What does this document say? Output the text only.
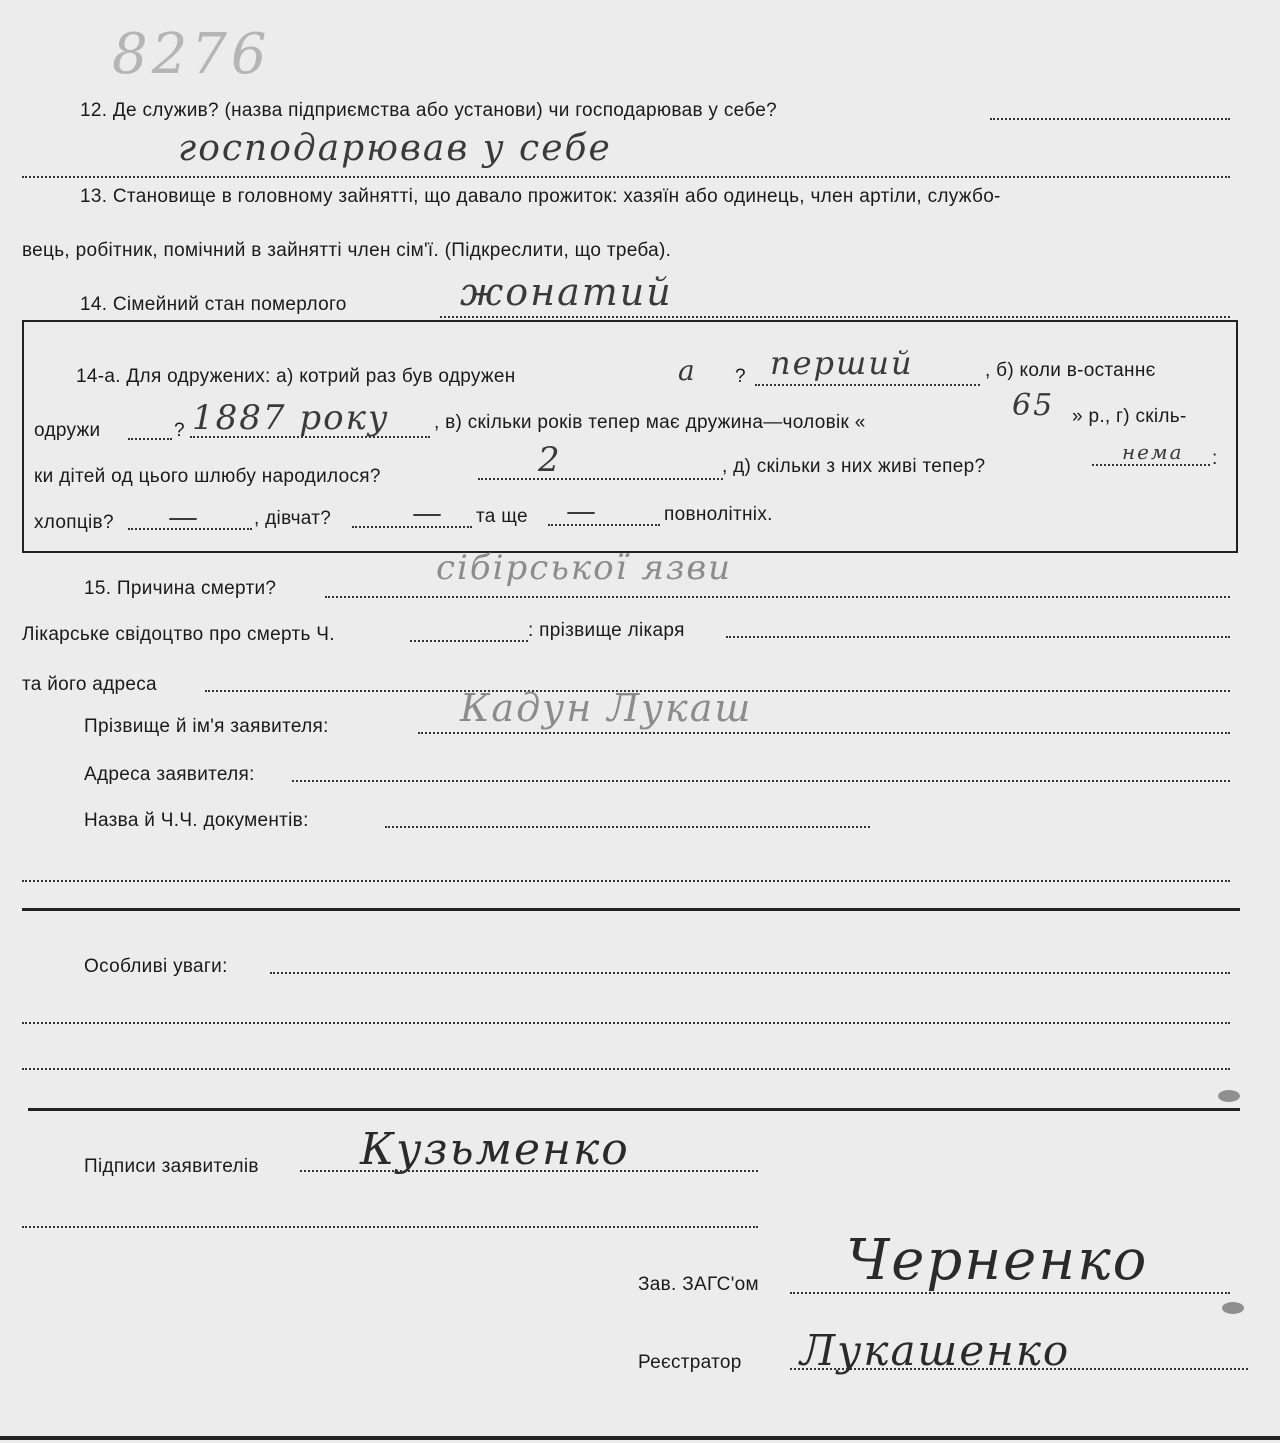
8276
12. Де служив? (назва підприємства або установи) чи господарював у себе?
господарював у себе
13. Становище в головному зайнятті, що давало прожиток: хазяїн або одинець, член артіли, службо-
вець, робітник, помічний в зайнятті член сім'ї. (Підкреслити, що треба).
14. Сімейний стан померлого	жонатий
14-а. Для одружених: а) котрий раз був одружен	а ? перший	, б) коли в-останнє
одружи	? 1887 року , в) скільки років тепер має дружина—чоловік «	65 » р., г) скіль-
ки дітей од цього шлюбу народилося?	2	, д) скільки з них живі тепер?
нема :
хлопців? —	, дівчат?	— та ще —	повнолітніх.
15. Причина смерти?
сібірської язви
Лікарське свідоцтво про смерть Ч.	: прізвище лікаря
та його адреса
Прізвище й ім'я заявителя:	Кадун Лукаш
Адреса заявителя:
Назва й Ч.Ч. документів:
Особливі уваги:
Підписи заявителів Кузьменко
Зав. ЗАГС'ом Черненко
Реєстратор Лукашенко
